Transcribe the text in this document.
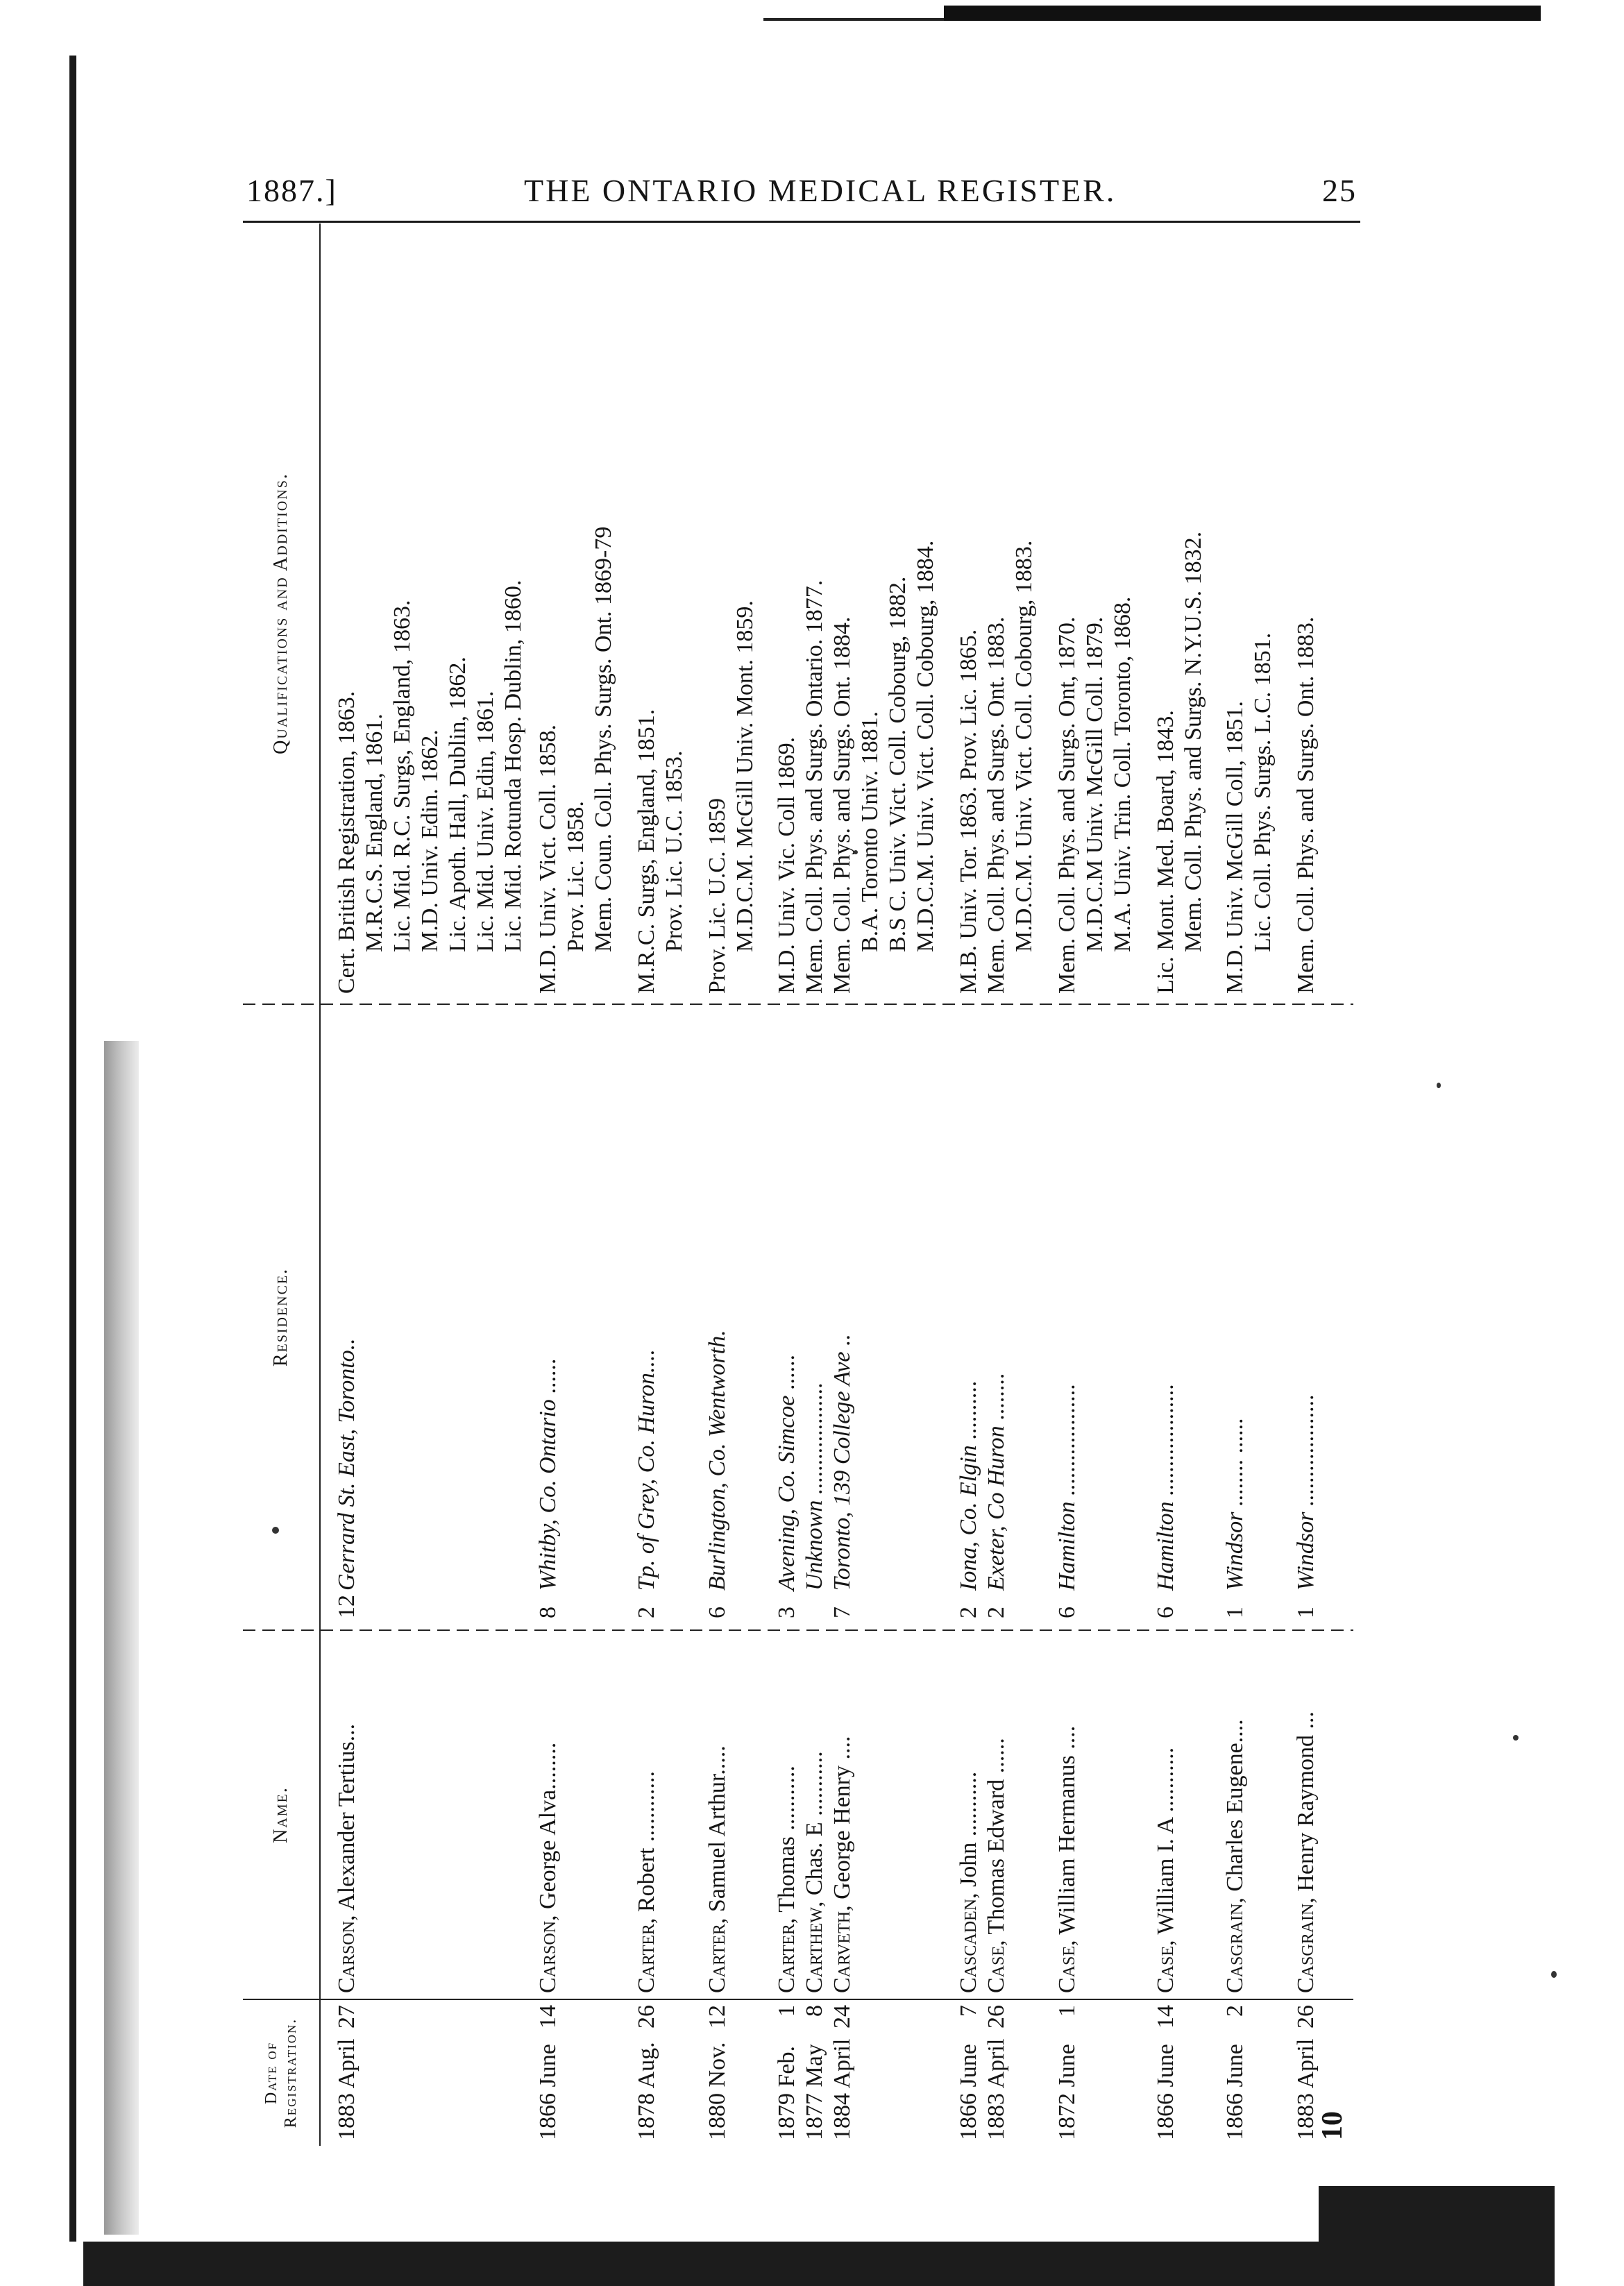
1887.]	THE ONTARIO MEDICAL REGISTER.	25
Date of Registration.
Name.
Residence.
Qualifications and Additions.
1883 April
27
Carson, Alexander Tertius...
12Gerrard St. East, Toronto..
Cert. British Registration, 1863. M.R.C.S. England, 1861. Lic. Mid. R.C. Surgs, England, 1863. M.D. Univ. Edin. 1862. Lic. Apoth. Hall, Dublin, 1862. Lic. Mid. Univ. Edin, 1861. Lic. Mid. Rotunda Hosp. Dublin, 1860.
1866 June
14
Carson, George Alva........
8Whitby, Co. Ontario ......
M.D. Univ. Vict. Coll. 1858. Prov. Lic. 1858. Mem. Coun. Coll. Phys. Surgs. Ont. 1869-79
1878 Aug.
26
Carter, Robert ............
2Tp. of Grey, Co. Huron....
M.R.C. Surgs, England, 1851. Prov. Lic. U.C. 1853.
1880 Nov.
12
Carter, Samuel Arthur.....
6Burlington, Co. Wentworth.
Prov. Lic. U.C. 1859 M.D.C.M. McGill Univ. Mont. 1859.
1879 Feb.
1
Carter, Thomas ...........
3Avening, Co. Simcoe ......
M.D. Univ. Vic. Coll 1869.
1877 May
8
Carthew, Chas. E ...........
Unknown ...................
Mem. Coll. Phys. and Surgs. Ontario. 1877.
1884 April
24
Carveth, George Henry ....
7Toronto, 139 College Ave ..
Mem. Coll. Phys. and Surgs. Ont. 1884. B.A. Toronto Univ. 1881. B.S C. Univ. Vict. Coll. Cobourg, 1882. M.D.C.M. Univ. Vict. Coll. Cobourg, 1884.
1866 June
7
Cascaden, John ...........
2Iona, Co. Elgin ..........
M.B. Univ. Tor. 1863. Prov. Lic. 1865.
1883 April
26
Case, Thomas Edward ......
2Exeter, Co Huron ........
Mem. Coll. Phys. and Surgs. Ont. 1883. M.D.C.M. Univ. Vict. Coll. Cobourg, 1883.
1872 June
1
Case, William Hermanus ....
6Hamilton ...................
Mem. Coll. Phys. and Surgs. Ont, 1870. M.D.C.M Univ. McGill Coll. 1879. M.A. Univ. Trin. Coll. Toronto, 1868.
1866 June
14
Case, William I. A ...........
6Hamilton ...................
Lic. Mont. Med. Board, 1843. Mem. Coll. Phys. and Surgs. N.Y.U.S. 1832.
1866 June
2
Casgrain, Charles Eugene....
1Windsor ........ ......
M.D. Univ. McGill Coll, 1851. Lic. Coll. Phys. Surgs. L.C. 1851.
1883 April
26
Casgrain, Henry Raymond ...
1Windsor ...................
Mem. Coll. Phys. and Surgs. Ont. 1883.
10
